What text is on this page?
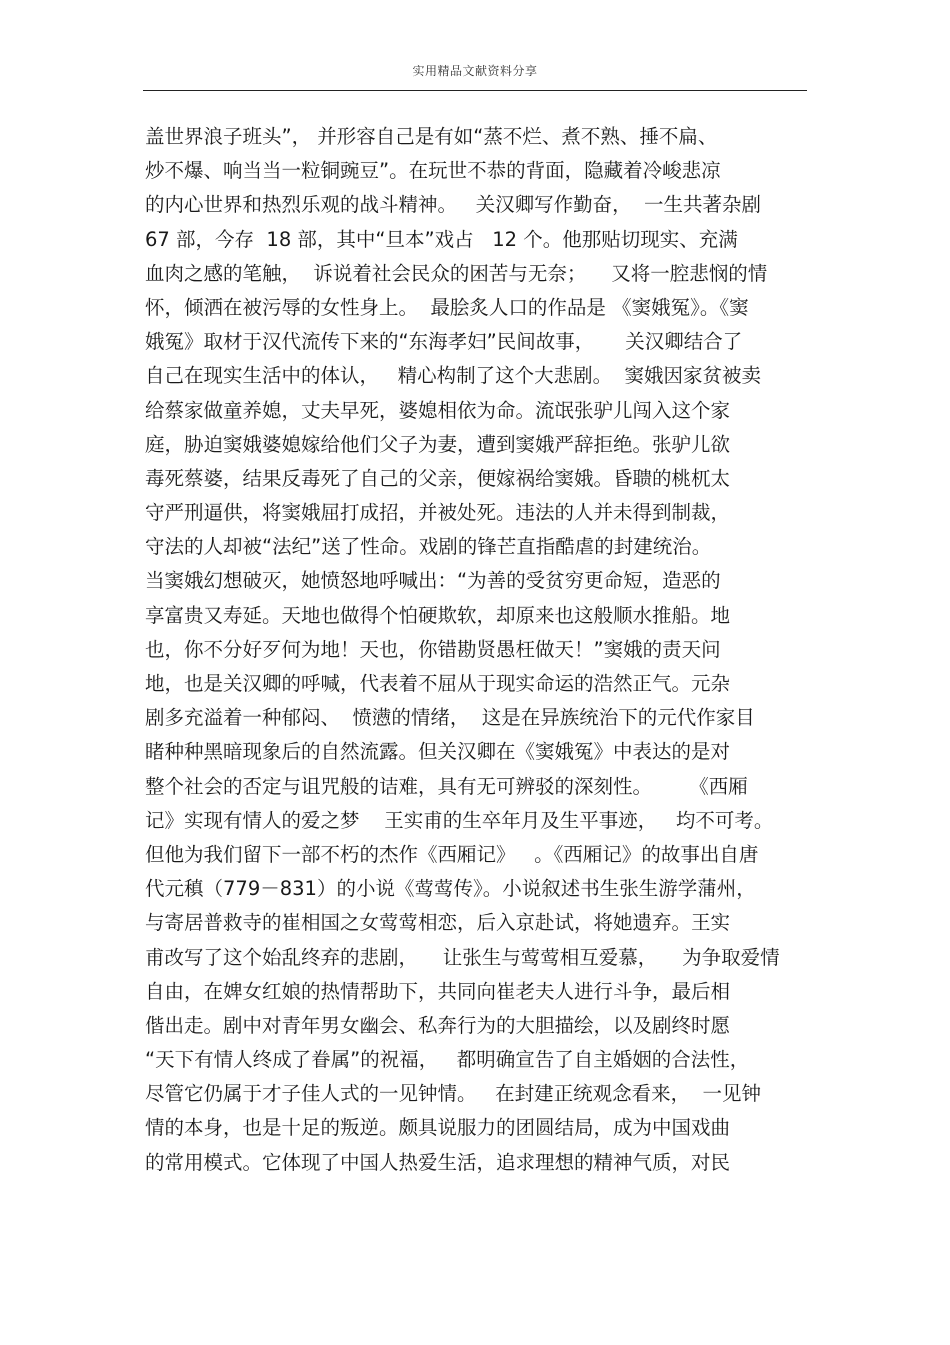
实用精品文献资料分享
盖世界浪子班头”， 并形容自己是有如“蒸不烂、煮不熟、捶不扁、
炒不爆、响当当一粒铜豌豆”。在玩世不恭的背面，隐藏着冷峻悲凉
的内心世界和热烈乐观的战斗精神。   关汉卿写作勤奋，  一生共著杂剧
67 部，今存  18 部，其中“旦本”戏占   12 个。他那贴切现实、充满
血肉之感的笔触，  诉说着社会民众的困苦与无奈；    又将一腔悲悯的情
怀，倾洒在被污辱的女性身上。  最脍炙人口的作品是 《窦娥冤》。《窦
娥冤》取材于汉代流传下来的“东海孝妇”民间故事，     关汉卿结合了
自己在现实生活中的体认，   精心构制了这个大悲剧。  窦娥因家贫被卖
给蔡家做童养媳，丈夫早死，婆媳相依为命。流氓张驴儿闯入这个家
庭，胁迫窦娥婆媳嫁给他们父子为妻，遭到窦娥严辞拒绝。张驴儿欲
毒死蔡婆，结果反毒死了自己的父亲，便嫁祸给窦娥。昏聩的桃杌太
守严刑逼供，将窦娥屈打成招，并被处死。违法的人并未得到制裁，
守法的人却被“法纪”送了性命。戏剧的锋芒直指酷虐的封建统治。
当窦娥幻想破灭，她愤怒地呼喊出：“为善的受贫穷更命短，造恶的
享富贵又寿延。天地也做得个怕硬欺软，却原来也这般顺水推船。地
也，你不分好歹何为地！天也，你错勘贤愚枉做天！”窦娥的责天问
地，也是关汉卿的呼喊，代表着不屈从于现实命运的浩然正气。元杂
剧多充溢着一种郁闷、  愤懑的情绪，  这是在异族统治下的元代作家目
睹种种黑暗现象后的自然流露。但关汉卿在《窦娥冤》中表达的是对
整个社会的否定与诅咒般的诘难，具有无可辨驳的深刻性。      《西厢
记》实现有情人的爱之梦    王实甫的生卒年月及生平事迹，   均不可考。
但他为我们留下一部不朽的杰作《西厢记》   。《西厢记》的故事出自唐
代元稹（779－831）的小说《莺莺传》。小说叙述书生张生游学蒲州，
与寄居普救寺的崔相国之女莺莺相恋，后入京赴试，将她遗弃。王实
甫改写了这个始乱终弃的悲剧，    让张生与莺莺相互爱慕，    为争取爱情
自由，在婢女红娘的热情帮助下，共同向崔老夫人进行斗争，最后相
偕出走。剧中对青年男女幽会、私奔行为的大胆描绘，以及剧终时愿
“天下有情人终成了眷属”的祝福，   都明确宣告了自主婚姻的合法性，
尽管它仍属于才子佳人式的一见钟情。   在封建正统观念看来，  一见钟
情的本身，也是十足的叛逆。颇具说服力的团圆结局，成为中国戏曲
的常用模式。它体现了中国人热爱生活，追求理想的精神气质，对民
